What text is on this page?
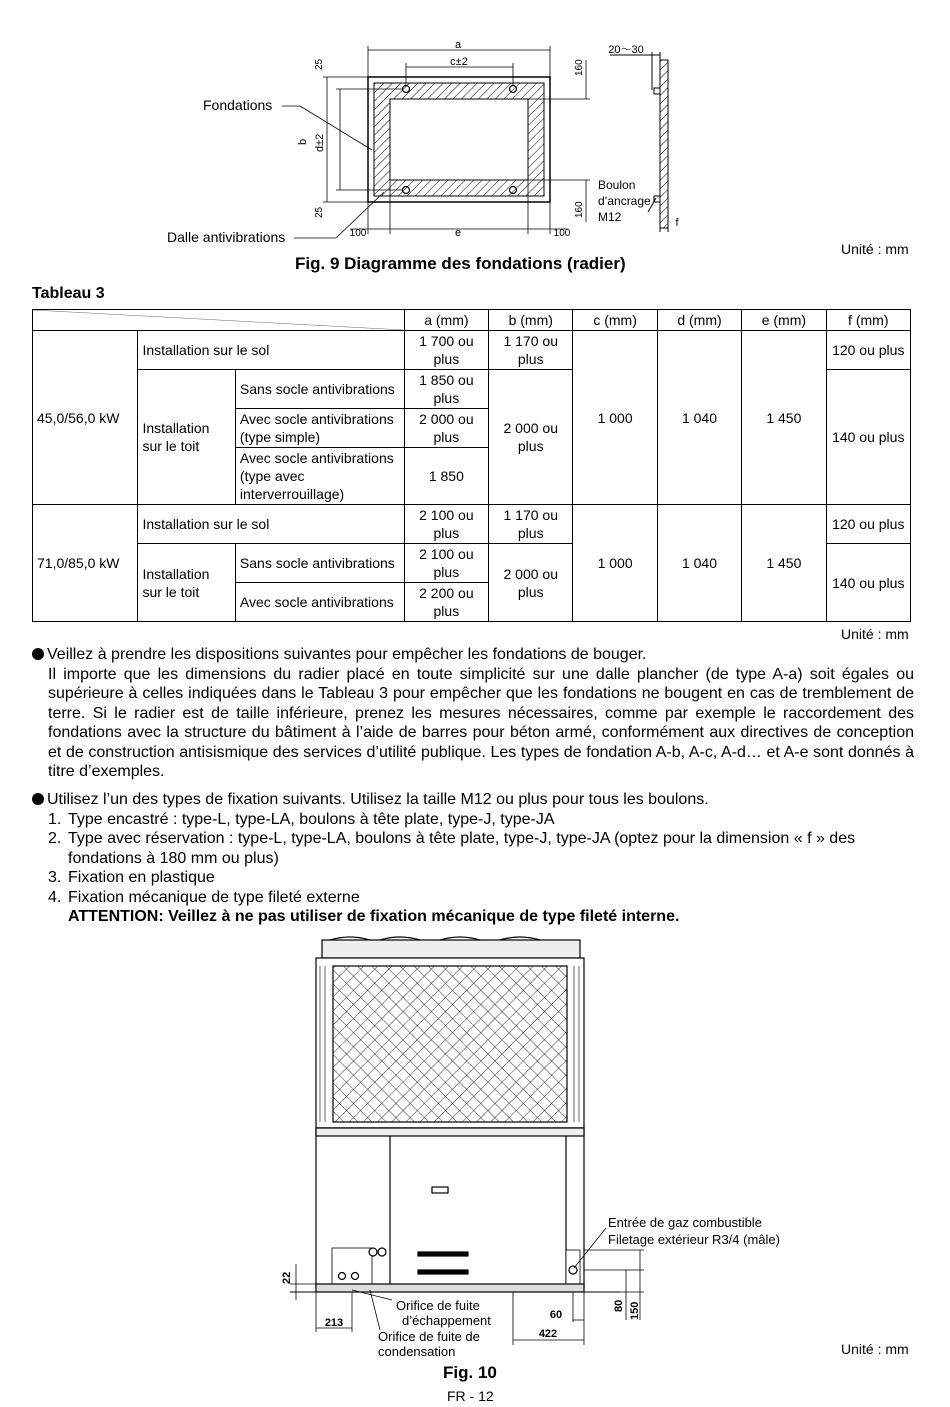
a
c±2
e
100	100
20～30
f
25
25
b d±2
160
160
Fondations
Dalle antivibrations
Boulon
d’ancrage
M12
Fig. 9 Diagramme des fondations (radier)
Unité : mm
Tableau 3
	a (mm)	b (mm)	c (mm)	d (mm)	e (mm)	f (mm)
45,0/56,0 kW	Installation sur le sol		1 700 ou plus	1 170 ou plus	1 000	1 040	1 450	120 ou plus
	Installation sur le toit	Sans socle antivibrations	1 850 ou plus	2 000 ou plus				140 ou plus
		Avec socle antivibrations (type simple)	2 000 ou plus					
		Avec socle antivibrations (type avec interverrouillage)	1 850					

71,0/85,0 kW	Installation sur le sol		2 100 ou plus	1 170 ou plus	1 000	1 040	1 450	120 ou plus
	Installation sur le toit	Sans socle antivibrations	2 100 ou plus	2 000 ou plus				140 ou plus
		Avec socle antivibrations	2 200 ou plus					
Unité : mm

Veillez à prendre les dispositions suivantes pour empêcher les fondations de bouger.

Il importe que les dimensions du radier placé en toute simplicité sur une dalle plancher (de type A-a) soit égales ou supérieure à celles indiquées dans le Tableau 3 pour empêcher que les fondations ne bougent en cas de tremblement de terre. Si le radier est de taille inférieure, prenez les mesures nécessaires, comme par exemple le raccordement des fondations avec la structure du bâtiment à l’aide de barres pour béton armé, conformément aux directives de conception et de construction antisismique des services d’utilité publique. Les types de fondation A-b, A-c, A-d… et A-e sont donnés à titre d’exemples.

Utilisez l’un des types de fixation suivants. Utilisez la taille M12 ou plus pour tous les boulons.

1. Type encastré : type-L, type-LA, boulons à tête plate, type-J, type-JA

2. Type avec réservation : type-L, type-LA, boulons à tête plate, type-J, type-JA (optez pour la dimension « f » des fondations à 180 mm ou plus)

3. Fixation en plastique

4. Fixation mécanique de type fileté externe

ATTENTION: Veillez à ne pas utiliser de fixation mécanique de type fileté interne.

22
213
60
422
80 150
Entrée de gaz combustible
Filetage extérieur R3/4 (mâle)
Orifice de fuite
d’échappement
Orifice de fuite de
condensation
Fig. 10
Unité : mm
FR - 12
